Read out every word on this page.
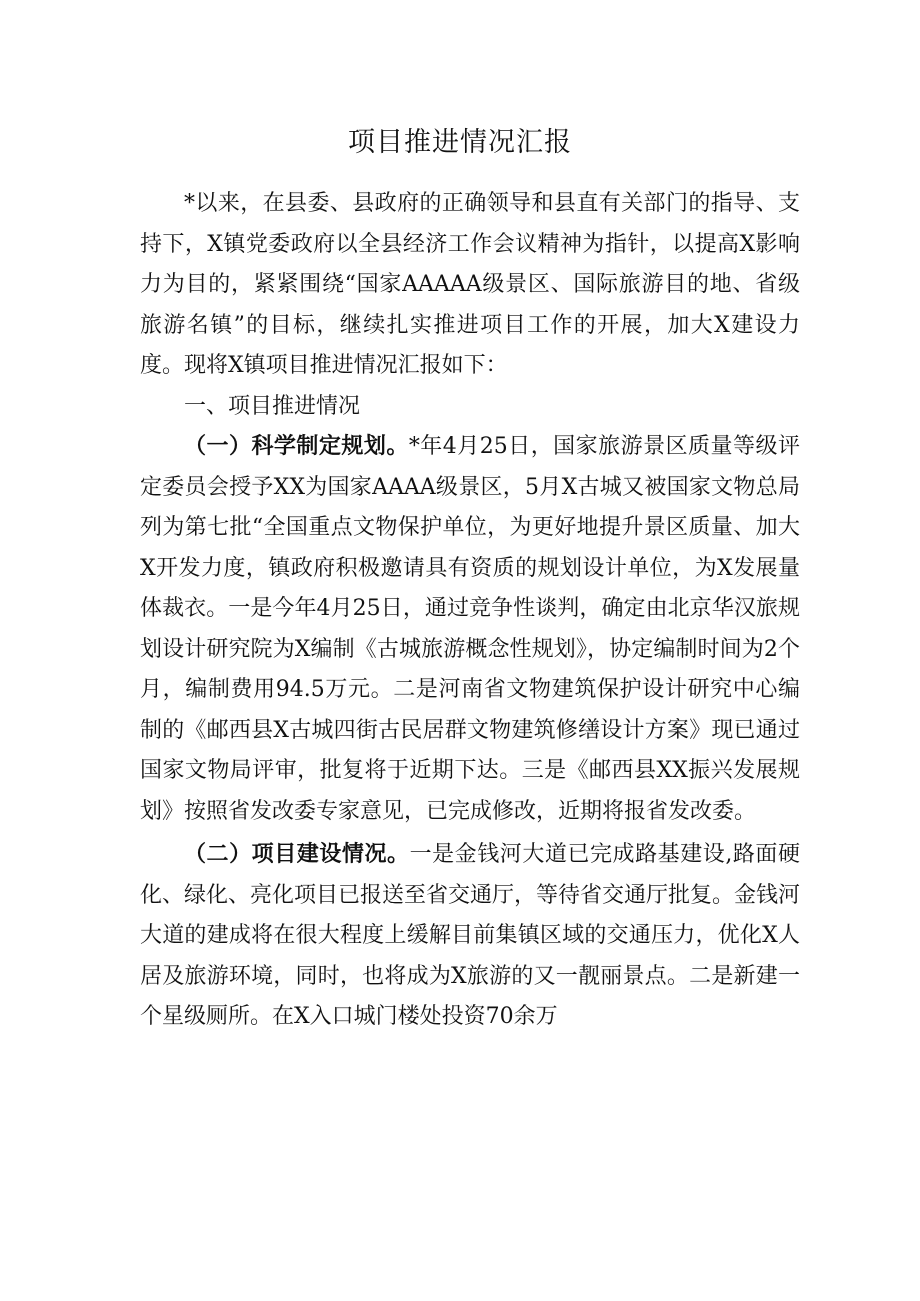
项目推进情况汇报

*以来，在县委、县政府的正确领导和县直有关部门的指导、支持下，X镇党委政府以全县经济工作会议精神为指针，以提高X影响力为目的，紧紧围绕“国家AAAAA级景区、国际旅游目的地、省级旅游名镇”的目标，继续扎实推进项目工作的开展，加大X建设力度。现将X镇项目推进情况汇报如下：

一、项目推进情况

（一）科学制定规划。*年4月25日，国家旅游景区质量等级评定委员会授予XX为国家AAAA级景区，5月X古城又被国家文物总局列为第七批“全国重点文物保护单位，为更好地提升景区质量、加大X开发力度，镇政府积极邀请具有资质的规划设计单位，为X发展量体裁衣。一是今年4月25日，通过竞争性谈判，确定由北京华汉旅规划设计研究院为X编制《古城旅游概念性规划》，协定编制时间为2个月，编制费用94.5万元。二是河南省文物建筑保护设计研究中心编制的《邮西县X古城四街古民居群文物建筑修缮设计方案》现已通过国家文物局评审，批复将于近期下达。三是《邮西县XX振兴发展规划》按照省发改委专家意见，已完成修改，近期将报省发改委。

（二）项目建设情况。一是金钱河大道已完成路基建设,路面硬化、绿化、亮化项目已报送至省交通厅，等待省交通厅批复。金钱河大道的建成将在很大程度上缓解目前集镇区域的交通压力，优化X人居及旅游环境，同时，也将成为X旅游的又一靓丽景点。二是新建一个星级厕所。在X入口城门楼处投资70余万
